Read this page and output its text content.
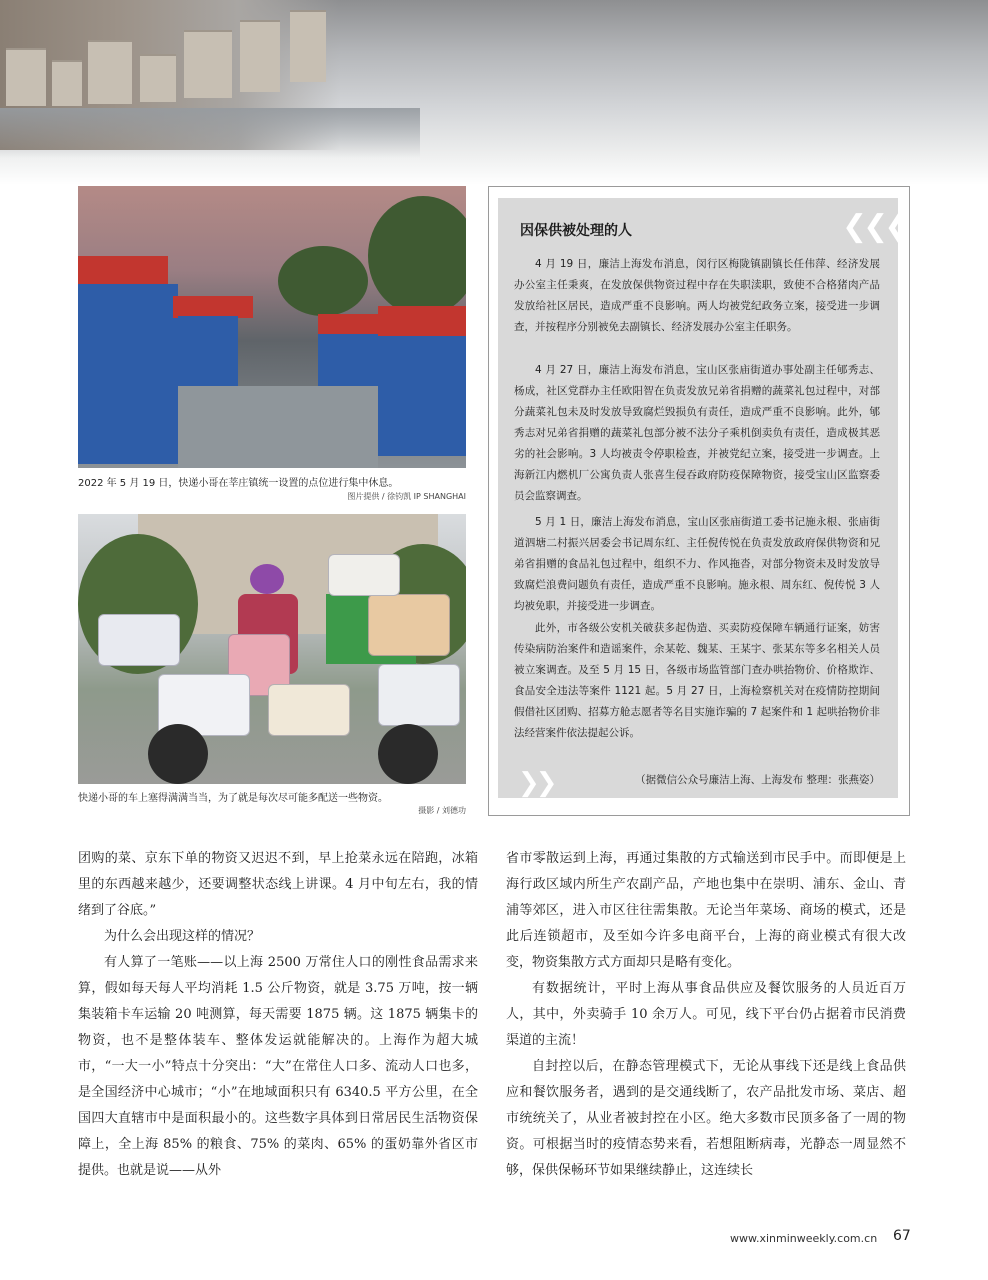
2022 年 5 月 19 日，快递小哥在莘庄镇统一设置的点位进行集中休息。
图片提供 / 徐钧凯 IP SHANGHAI
快递小哥的车上塞得满满当当，为了就是每次尽可能多配送一些物资。
摄影 / 刘德功
因保供被处理的人	❮❮❮

4 月 19 日，廉洁上海发布消息，闵行区梅陇镇副镇长任伟萍、经济发展办公室主任秉爽，在发放保供物资过程中存在失职渎职，致使不合格猪肉产品发放给社区居民，造成严重不良影响。两人均被党纪政务立案，接受进一步调查，并按程序分别被免去副镇长、经济发展办公室主任职务。

4 月 27 日，廉洁上海发布消息，宝山区张庙街道办事处副主任郇秀志、杨成，社区党群办主任欧阳智在负责发放兄弟省捐赠的蔬菜礼包过程中，对部分蔬菜礼包未及时发放导致腐烂毁损负有责任，造成严重不良影响。此外，郇秀志对兄弟省捐赠的蔬菜礼包部分被不法分子乘机倒卖负有责任，造成极其恶劣的社会影响。3 人均被责令停职检查，并被党纪立案，接受进一步调查。上海新江内燃机厂公寓负责人张喜生侵吞政府防疫保障物资，接受宝山区监察委员会监察调查。

5 月 1 日，廉洁上海发布消息，宝山区张庙街道工委书记施永根、张庙街道泗塘二村振兴居委会书记周东红、主任倪传悦在负责发放政府保供物资和兄弟省捐赠的食品礼包过程中，组织不力、作风拖沓，对部分物资未及时发放导致腐烂浪费问题负有责任，造成严重不良影响。施永根、周东红、倪传悦 3 人均被免职，并接受进一步调查。

此外，市各级公安机关破获多起伪造、买卖防疫保障车辆通行证案，妨害传染病防治案件和造谣案件，余某乾、魏某、王某宇、张某东等多名相关人员被立案调查。及至 5 月 15 日，各级市场监管部门查办哄抬物价、价格欺诈、食品安全违法等案件 1121 起。5 月 27 日，上海检察机关对在疫情防控期间假借社区团购、招募方舱志愿者等名目实施诈骗的 7 起案件和 1 起哄抬物价非法经营案件依法提起公诉。

❯❯	（据微信公众号廉洁上海、上海发布 整理：张燕姿）

团购的菜、京东下单的物资又迟迟不到，早上抢菜永远在陪跑，冰箱里的东西越来越少，还要调整状态线上讲课。4 月中旬左右，我的情绪到了谷底。”

为什么会出现这样的情况？

有人算了一笔账——以上海 2500 万常住人口的刚性食品需求来算，假如每天每人平均消耗 1.5 公斤物资，就是 3.75 万吨，按一辆集装箱卡车运输 20 吨测算，每天需要 1875 辆。这 1875 辆集卡的物资，也不是整体装车、整体发运就能解决的。上海作为超大城市，“一大一小”特点十分突出：“大”在常住人口多、流动人口也多，是全国经济中心城市；“小”在地域面积只有 6340.5 平方公里，在全国四大直辖市中是面积最小的。这些数字具体到日常居民生活物资保障上，全上海 85% 的粮食、75% 的菜肉、65% 的蛋奶靠外省区市提供。也就是说——从外

省市零散运到上海，再通过集散的方式输送到市民手中。而即便是上海行政区域内所生产农副产品，产地也集中在崇明、浦东、金山、青浦等郊区，进入市区往往需集散。无论当年菜场、商场的模式，还是此后连锁超市，及至如今许多电商平台，上海的商业模式有很大改变，物资集散方式方面却只是略有变化。

有数据统计，平时上海从事食品供应及餐饮服务的人员近百万人，其中，外卖骑手 10 余万人。可见，线下平台仍占据着市民消费渠道的主流！

自封控以后，在静态管理模式下，无论从事线下还是线上食品供应和餐饮服务者，遇到的是交通线断了，农产品批发市场、菜店、超市统统关了，从业者被封控在小区。绝大多数市民顶多备了一周的物资。可根据当时的疫情态势来看，若想阻断病毒，光静态一周显然不够，保供保畅环节如果继续静止，这连续长

www.xinminweekly.com.cn 67
